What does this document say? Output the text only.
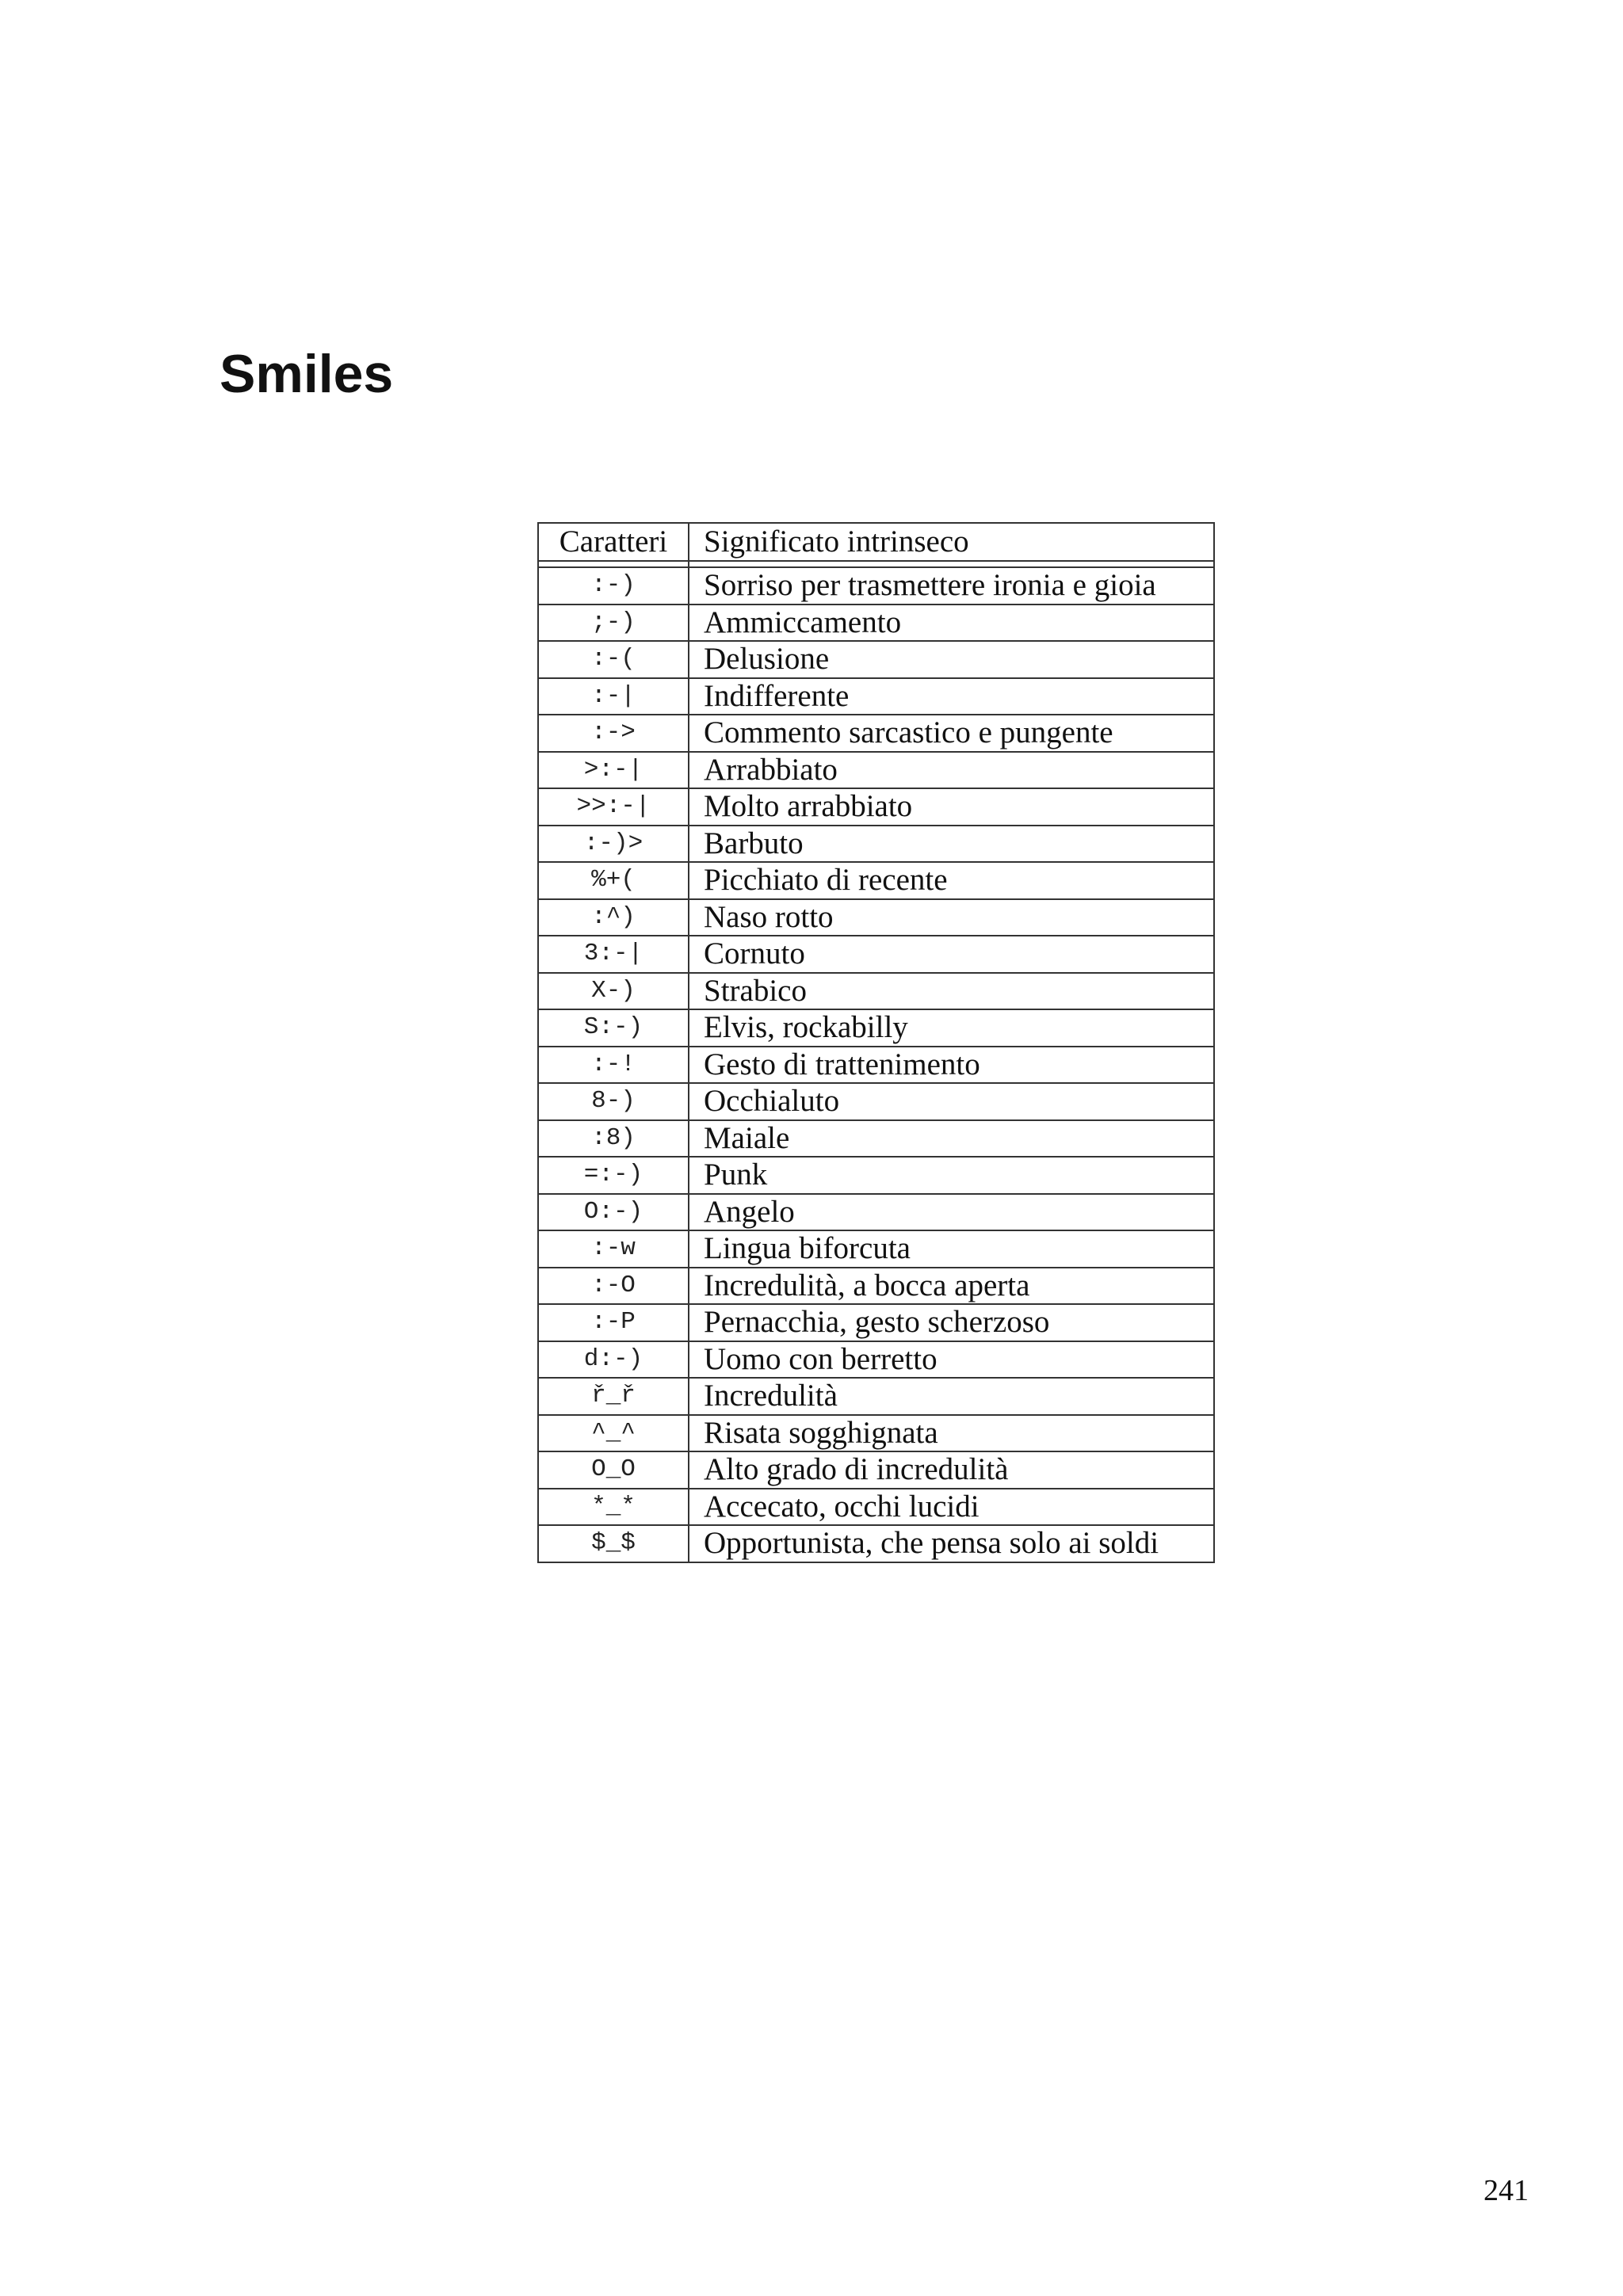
Smiles
Caratteri	Significato intrinseco

:-)	Sorriso per trasmettere ironia e gioia
;-)	Ammiccamento
:-(	Delusione
:-|	Indifferente
:->	Commento sarcastico e pungente
>:-|	Arrabbiato
>>:-|	Molto arrabbiato
:-)>	Barbuto
%+(	Picchiato di recente
:^)	Naso rotto
3:-|	Cornuto
X-)	Strabico
S:-)	Elvis, rockabilly
:-!	Gesto di trattenimento
8-)	Occhialuto
:8)	Maiale
=:-)	Punk
O:-)	Angelo
:-w	Lingua biforcuta
:-O	Incredulità, a bocca aperta
:-P	Pernacchia, gesto scherzoso
d:-)	Uomo con berretto
ř_ř	Incredulità
^_^	Risata sogghignata
O_O	Alto grado di incredulità
*_*	Accecato, occhi lucidi
$_$	Opportunista, che pensa solo ai soldi
241
